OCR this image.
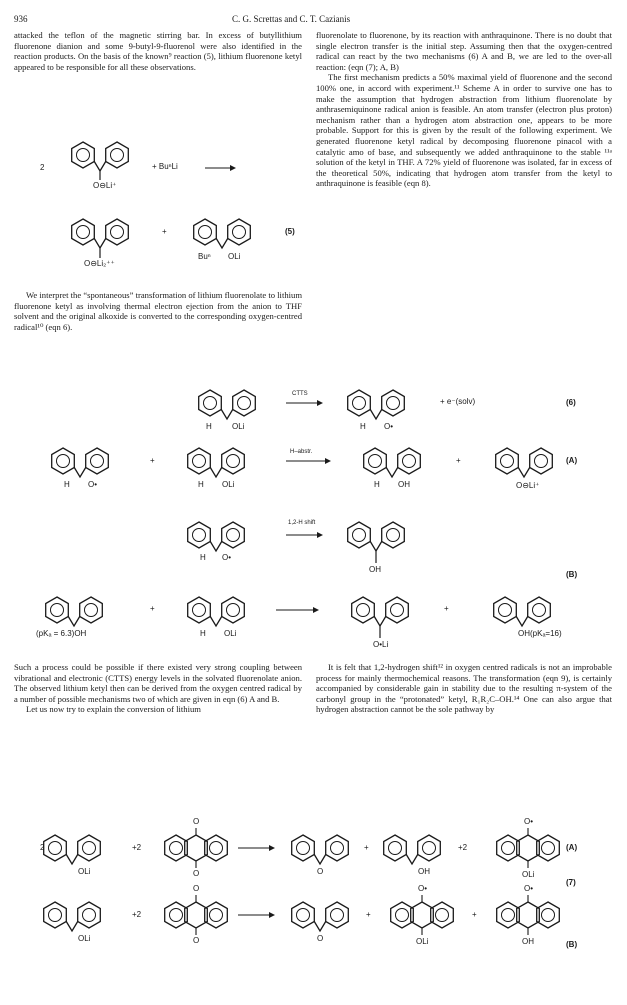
936	C. G. Screttas and C. T. Cazianis

attacked the teflon of the magnetic stirring bar. In excess of butyllithium fluorenone dianion and some 9-butyl-9-fluorenol were also identified in the reaction products. On the basis of the known⁹ reaction (5), lithium fluorenone ketyl appeared to be responsible for all these observations.

We interpret the “spontaneous” transformation of lithium fluorenolate to lithium fluorenone ketyl as involving thermal electron ejection from the anion to THF solvent and the original alkoxide is converted to the corresponding oxygen-centred radical¹⁰ (eqn 6).

fluorenolate to fluorenone, by its reaction with anthraquinone. There is no doubt that single electron transfer is the initial step. Assuming then that the oxygen-centred radical can react by the two mechanisms (6) A and B, we are led to the over-all reaction: (eqn (7); A, B)

The first mechanism predicts a 50% maximal yield of fluorenone and the second 100% one, in accord with experiment.¹¹ Scheme A in order to survive one has to make the assumption that hydrogen abstraction from lithium fluorenolate by anthrasemiquinone radical anion is feasible. An atom transfer (electron plus proton) mechanism rather than a hydrogen atom abstraction one, appears to be more probable. Support for this is given by the result of the following experiment. We generated fluorenone ketyl radical by decomposing fluorenone pinacol with a catalytic amo of base, and subsequently we added anthraquinone to the stable ¹¹ᵃ solution of the ketyl in THF. A 72% yield of fluorenone was isolated, far in excess of the theoretical 50%, indicating that hydrogen atom transfer from the ketyl to anthraquinone is feasible (eqn 8).

2	+ BuⁿLi
O⊖Li⁺
+
O⊖Li₂⁺⁺
Buⁿ OLi
(5)
H	OLi
CTTS
H O•
+ e⁻(solv)	(6)
+
H O•	H OLi
H–abstr.
H OH
+
O⊖Li⁺
(A)
H O•
1,2-H shift
OH
(B)
(pKₐ = 6.3)OH
+
H OLi
+
O•Li
OH(pKₐ=16)
2	+2
OLi
O
O
+
O
+2
OH
O•
OLi
(A)
(7)
+2
OLi
O
O
+
O
O•
OLi
+
O•
OH	(B)

Such a process could be possible if there existed very strong coupling between vibrational and electronic (CTTS) energy levels in the solvated fluorenolate anion. The observed lithium ketyl then can be derived from the oxygen centred radical by a number of possible mechanisms two of which are given in eqn (6) A and B.

Let us now try to explain the conversion of lithium

It is felt that 1,2-hydrogen shift¹² in oxygen centred radicals is not an improbable process for mainly thermochemical reasons. The transformation (eqn 9), is certainly accompanied by considerable gain in stability due to the resulting π-system of the carbonyl group in the “protonated” ketyl, R₁R₂C–OH.¹⁴ One can also argue that hydrogen abstraction cannot be the sole pathway by
